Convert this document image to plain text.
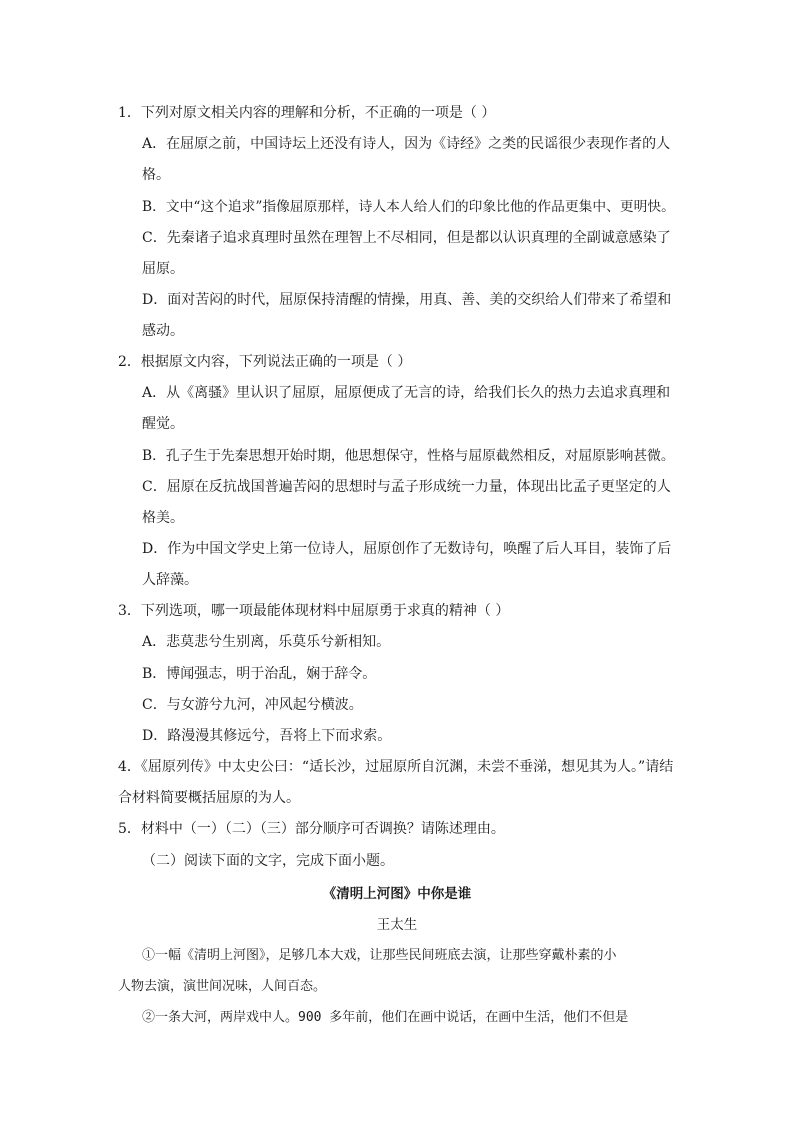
1．下列对原文相关内容的理解和分析，不正确的一项是（ ）
A．在屈原之前，中国诗坛上还没有诗人，因为《诗经》之类的民谣很少表现作者的人
格。
B．文中“这个追求”指像屈原那样，诗人本人给人们的印象比他的作品更集中、更明快。
C．先秦诸子追求真理时虽然在理智上不尽相同，但是都以认识真理的全副诚意感染了
屈原。
D．面对苦闷的时代，屈原保持清醒的情操，用真、善、美的交织给人们带来了希望和
感动。
2．根据原文内容，下列说法正确的一项是（ ）
A．从《离骚》里认识了屈原，屈原便成了无言的诗，给我们长久的热力去追求真理和
醒觉。
B．孔子生于先秦思想开始时期，他思想保守，性格与屈原截然相反，对屈原影响甚微。
C．屈原在反抗战国普遍苦闷的思想时与孟子形成统一力量，体现出比孟子更坚定的人
格美。
D．作为中国文学史上第一位诗人，屈原创作了无数诗句，唤醒了后人耳目，装饰了后
人辞藻。
3．下列选项，哪一项最能体现材料中屈原勇于求真的精神（ ）
A．悲莫悲兮生别离，乐莫乐兮新相知。
B．博闻强志，明于治乱，娴于辞令。
C．与女游兮九河，冲风起兮横波。
D．路漫漫其修远兮，吾将上下而求索。
4．《屈原列传》中太史公曰：“适长沙，过屈原所自沉渊，未尝不垂涕，想见其为人。”请结
合材料简要概括屈原的为人。
5．材料中（一）（二）（三）部分顺序可否调换？请陈述理由。
（二）阅读下面的文字，完成下面小题。
《清明上河图》中你是谁
王太生
①一幅《清明上河图》，足够几本大戏，让那些民间班底去演，让那些穿戴朴素的小
人物去演，演世间况味，人间百态。
②一条大河，两岸戏中人。900 多年前，他们在画中说话，在画中生活，他们不但是
